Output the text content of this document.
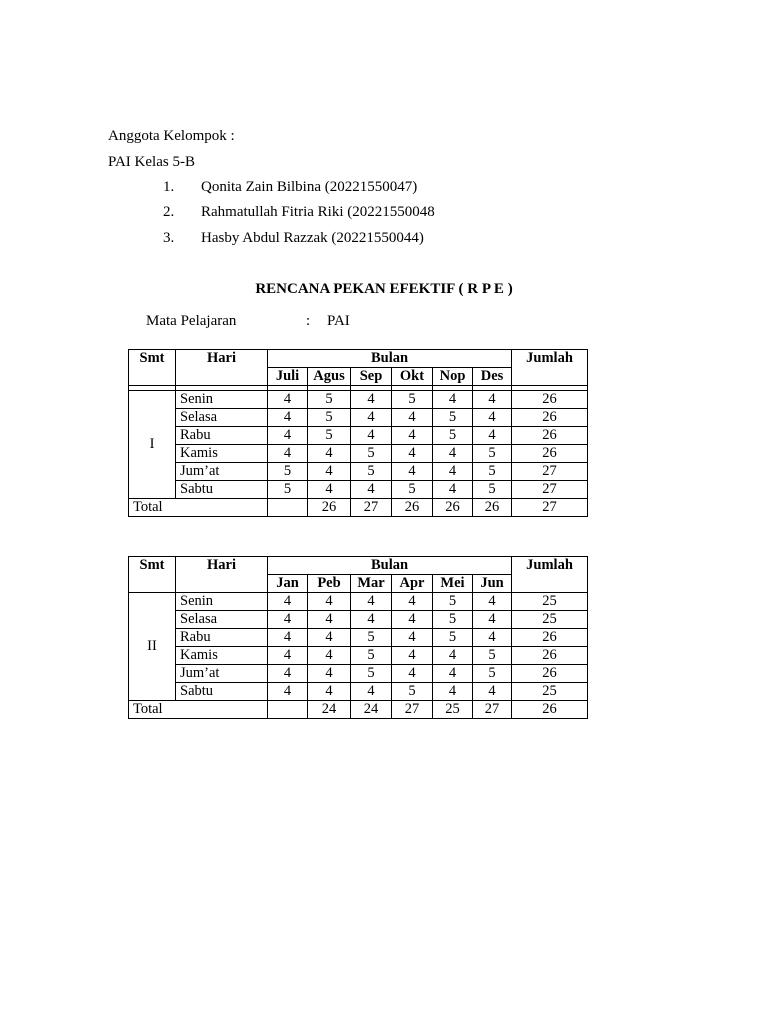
Anggota Kelompok :
PAI Kelas 5-B
1. Qonita Zain Bilbina (20221550047)
2. Rahmatullah Fitria Riki (20221550048
3. Hasby Abdul Razzak (20221550044)
RENCANA PEKAN EFEKTIF ( R P E )
Mata Pelajaran	: PAI
Smt	Hari	Bulan						Jumlah
		Juli	Agus	Sep	Okt	Nop	Des	

I	Senin	4	5	4	5	4	4	26
	Selasa	4	5	4	4	5	4	26
	Rabu	4	5	4	4	5	4	26
	Kamis	4	4	5	4	4	5	26
	Jum’at	5	4	5	4	4	5	27
	Sabtu	5	4	4	5	4	5	27
Total			26	27	26	26	26	27
Smt	Hari	Bulan						Jumlah
		Jan	Peb	Mar	Apr	Mei	Jun	
II	Senin	4	4	4	4	5	4	25
	Selasa	4	4	4	4	5	4	25
	Rabu	4	4	5	4	5	4	26
	Kamis	4	4	5	4	4	5	26
	Jum’at	4	4	5	4	4	5	26
	Sabtu	4	4	4	5	4	4	25
Total			24	24	27	25	27	26
